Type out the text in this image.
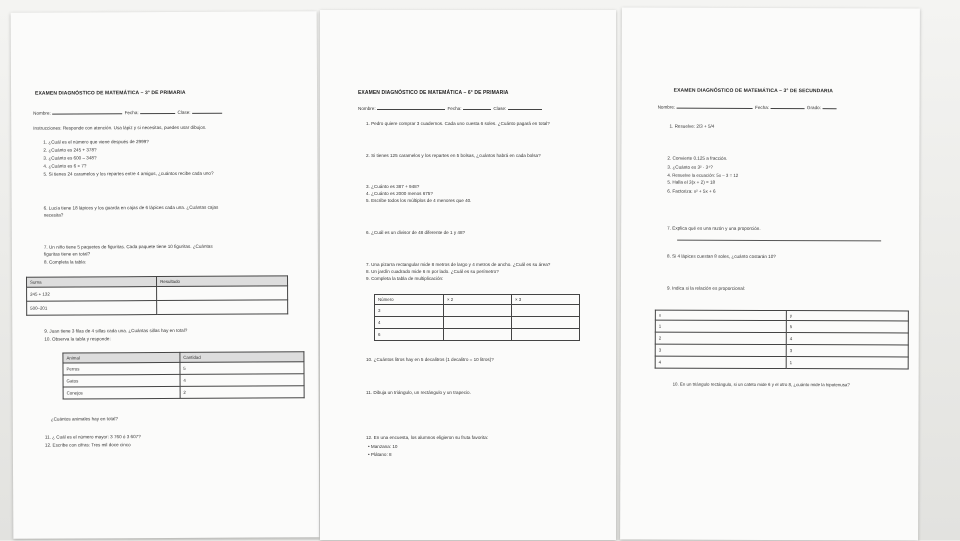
EXAMEN DIAGNÓSTICO DE MATEMÁTICA – 3° DE PRIMARIA
Nombre:	Fecha:	Clase:
Instrucciones: Responde con atención. Usa lápiz y si necesitas, puedes usar dibujos.
1. ¿Cuál es el número que viene después de 2999?
2. ¿Cuánto es 245 + 378?
3. ¿Cuánto es 600 – 348?
4. ¿Cuánto es 6 × 7?
5. Si tienes 24 caramelos y los repartes entre 4 amigos, ¿cuántos recibe cada uno?
6. Lucía tiene 18 lápices y los guarda en cajas de 6 lápices cada una. ¿Cuántas cajas
necesita?
7. Un niño tiene 5 paquetes de figuritas. Cada paquete tiene 10 figuritas. ¿Cuántas
figuritas tiene en total?
8. Completa la tabla:
Suma	Resultado
245 + 132	
500–201	
9. Juan tiene 3 filas de 4 sillas cada una. ¿Cuántas sillas hay en total?
10. Observa la tabla y responde:
Animal	Cantidad
Perros	5
Gatos	4
Conejos	2
¿Cuántos animales hay en total?
11. ¿ Cuál es el número mayor: 3 760 ó 3 607?
12. Escribe con cifras: Tres mil doce cinco
EXAMEN DIAGNÓSTICO DE MATEMÁTICA – 6° DE PRIMARIA
Nombre:	Fecha:	Clase:
1. Pedro quiere comprar 3 cuadernos. Cada uno cuesta 6 soles. ¿Cuánto pagará en total?
2. Si tienes 125 caramelos y los repartes en 5 bolsas, ¿cuántos habrá en cada bolsa?
3. ¿Cuánto es 387 + 948?
4. ¿Cuánto es 2000 menos 675?
5. Escribe todos los múltiplos de 4 menores que 40.
6. ¿Cuál es un divisor de 48 diferente de 1 y 48?
7. Una pizarra rectangular mide 8 metros de largo y 4 metros de ancho. ¿Cuál es su área?
8. Un jardín cuadrado mide 6 m por lado. ¿Cuál es su perímetro?
9. Completa la tabla de multiplicación:
Número	× 2	× 3
3		
4		
6		
10. ¿Cuántos litros hay en 5 decalitros (1 decalitro = 10 litros)?
11. Dibuja un triángulo, un rectángulo y un trapecio.
12. En una encuesta, los alumnos eligieron su fruta favorita:
• Manzana: 10
• Plátano: 8
EXAMEN DIAGNÓSTICO DE MATEMÁTICA – 3° DE SECUNDARIA
Nombre:	Fecha:	Grado:
1. Resuelve: 2/3 + 5/4
2. Convierte 0.125 a fracción.
3. ¿Cuánto es 3² · 3⁴?
4. Resuelve la ecuación: 5x – 3 = 12
5. Halla el 3(x + 2) = 18
6. Factoriza: x² + 5x + 6
7. Explica qué es una razón y una proporción.
8. Si 4 lápices cuestan 8 soles, ¿cuánto costarán 10?
9. Indica si la relación es proporcional:
x	y
1	5
2	4
3	3
4	1
10. En un triángulo rectángulo, si un cateto mide 6 y el otro 8, ¿cuánto mide la hipotenusa?
